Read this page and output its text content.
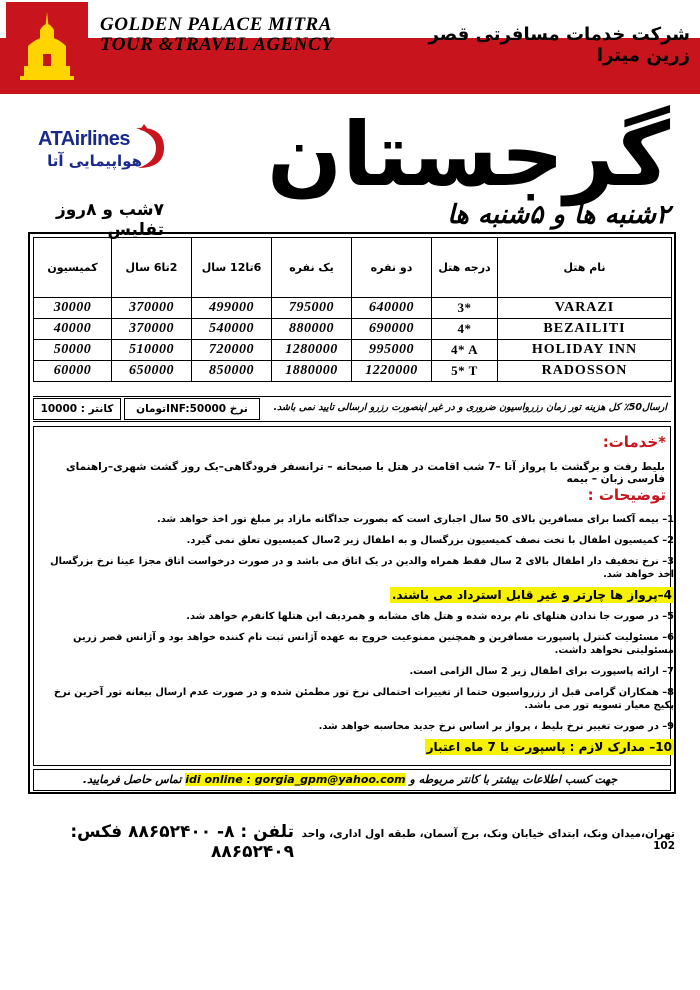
GOLDEN PALACE MITRA
TOUR &TRAVEL AGENCY	شرکت خدمات مسافرتی قصر زرین میترا
ATAirlines
هواپیمایی آتا	گرجستان
۷شب و ۸روز تفلیس	۲شنبه ها و ۵شنبه ها
نام هتل	درجه هتل	دو نفره	یک نفره	6تا12 سال	2تا6 سال	کمیسیون
VARAZI	3*	640000	795000	499000	370000	30000
BEZAILITI	4*	690000	880000	540000	370000	40000
HOLIDAY INN	4* A	995000	1280000	720000	510000	50000
RADOSSON	5* T	1220000	1880000	850000	650000	60000
ارسال50٪ کل هزینه تور زمان رزرواسیون ضروری و در غیر اینصورت رزرو ارسالی تایید نمی باشد.
نرخ INF:50000تومان
کانتر : 10000
*خدمات:
بلیط رفت و برگشت با پرواز آتا –7 شب اقامت در هتل با صبحانه – ترانسفر فرودگاهی–یک روز گشت شهری–راهنمای فارسی زبان – بیمه
توضیحات :
1– بیمه آکسا برای مسافرین بالای 50 سال اجباری است که بصورت جداگانه مازاد بر مبلغ تور اخذ خواهد شد.
2– کمیسیون اطفال با تخت نصف کمیسیون بزرگسال و به اطفال زیر 2سال کمیسیون تعلق نمی گیرد.
3– نرخ تخفیف دار اطفال بالای 2 سال فقط همراه والدین در یک اتاق می باشد و در صورت درخواست اتاق مجزا عینا نرخ بزرگسال اخذ خواهد شد.
4–پرواز ها چارتر و غیر قابل استرداد می باشند.
5– در صورت جا ندادن هتلهای نام برده شده و هتل های مشابه و همردیف این هتلها کانفرم خواهد شد.
6– مسئولیت کنترل پاسپورت مسافرین و همچنین ممنوعیت خروج به عهده آژانس ثبت نام کننده خواهد بود و آژانس قصر زرین مسئولیتی نخواهد داشت.
7– ارائه پاسپورت برای اطفال زیر 2 سال الزامی است.
8– همکاران گرامی قبل از رزرواسیون حتما از تغییرات احتمالی نرخ تور مطمئن شده و در صورت عدم ارسال بیعانه تور آخرین نرخ پکیج معیار تسویه تور می باشد.
9– در صورت تغییر نرخ بلیط ، پرواز بر اساس نرخ جدید محاسبه خواهد شد.
10– مدارک لازم : پاسپورت با 7 ماه اعتبار
جهت کسب اطلاعات بیشتر با کانتر مربوطه و idi online : gorgia_gpm@yahoo.com تماس حاصل فرمایید.
تهران،میدان ونک، ابتدای خیابان ونک، برج آسمان، طبقه اول اداری، واحد 102
تلفن : ۸- ۸۸۶۵۲۴۰۰ فکس: ۸۸۶۵۲۴۰۹
